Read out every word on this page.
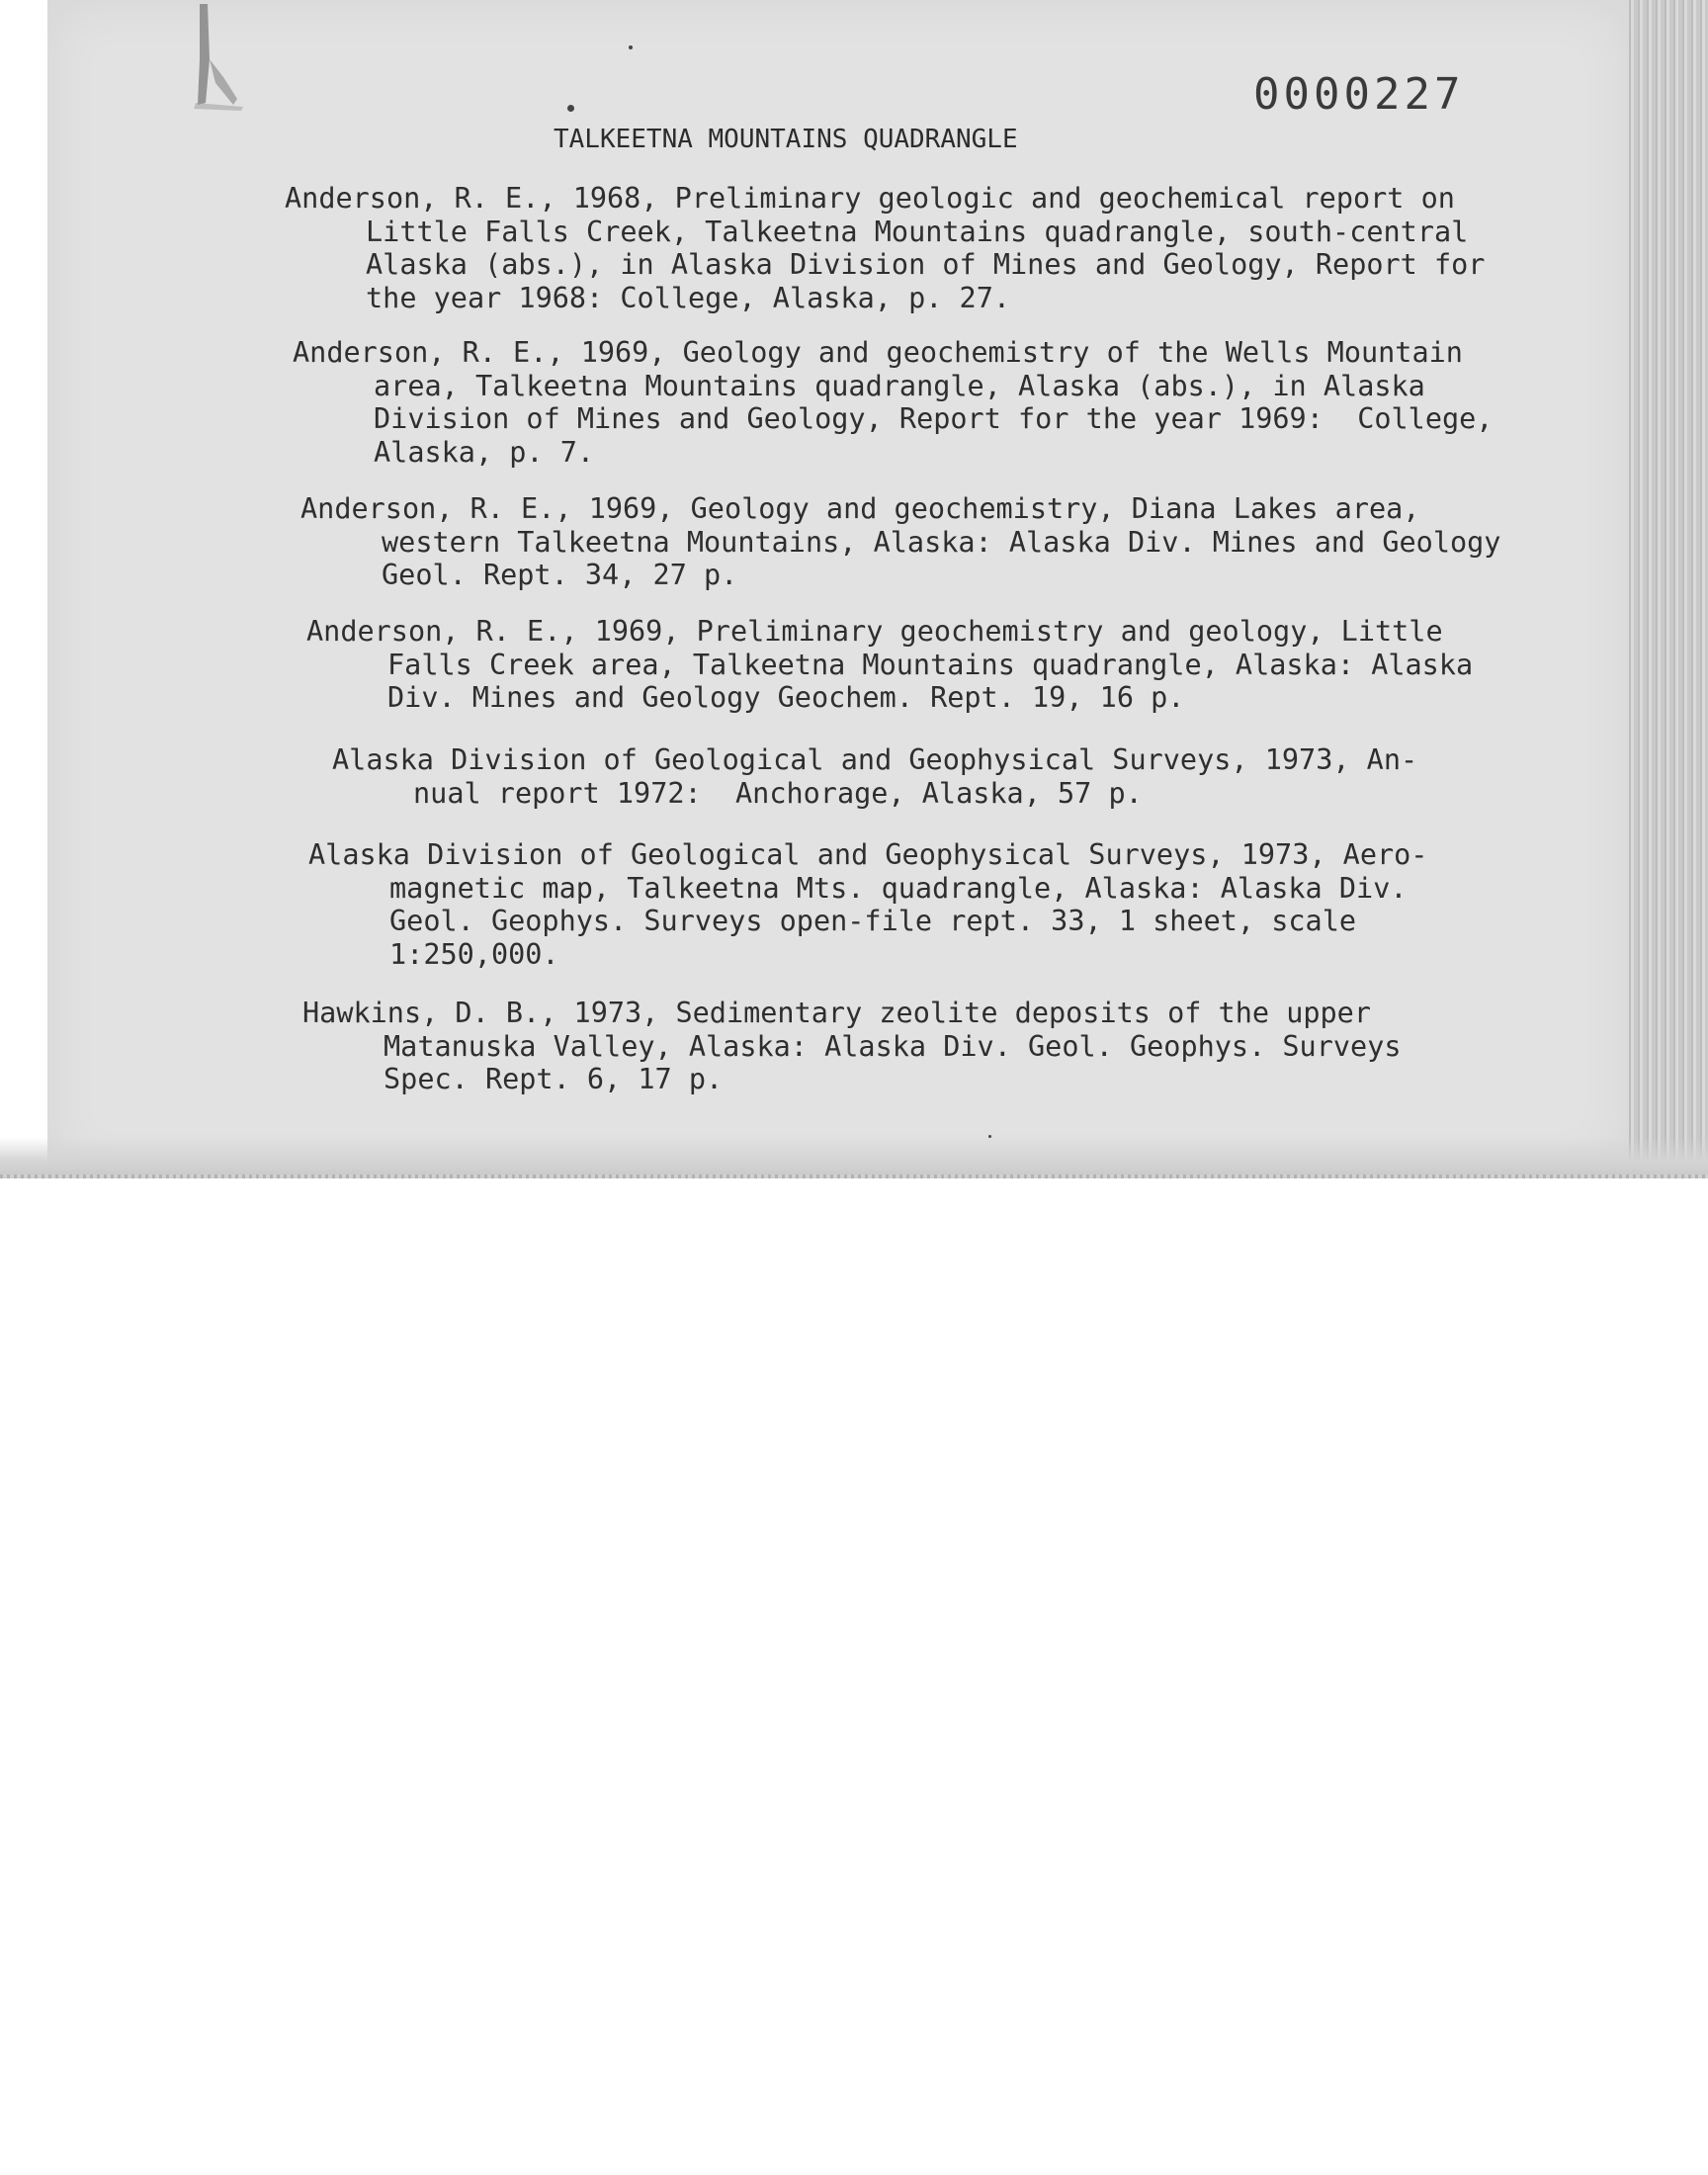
0000227
TALKEETNA MOUNTAINS QUADRANGLE
Anderson, R. E., 1968, Preliminary geologic and geochemical report on
Little Falls Creek, Talkeetna Mountains quadrangle, south-central
Alaska (abs.), in Alaska Division of Mines and Geology, Report for
the year 1968: College, Alaska, p. 27.
Anderson, R. E., 1969, Geology and geochemistry of the Wells Mountain
area, Talkeetna Mountains quadrangle, Alaska (abs.), in Alaska
Division of Mines and Geology, Report for the year 1969:  College,
Alaska, p. 7.
Anderson, R. E., 1969, Geology and geochemistry, Diana Lakes area,
western Talkeetna Mountains, Alaska: Alaska Div. Mines and Geology
Geol. Rept. 34, 27 p.
Anderson, R. E., 1969, Preliminary geochemistry and geology, Little
Falls Creek area, Talkeetna Mountains quadrangle, Alaska: Alaska
Div. Mines and Geology Geochem. Rept. 19, 16 p.
Alaska Division of Geological and Geophysical Surveys, 1973, An-
nual report 1972:  Anchorage, Alaska, 57 p.
Alaska Division of Geological and Geophysical Surveys, 1973, Aero-
magnetic map, Talkeetna Mts. quadrangle, Alaska: Alaska Div.
Geol. Geophys. Surveys open-file rept. 33, 1 sheet, scale
1:250,000.
Hawkins, D. B., 1973, Sedimentary zeolite deposits of the upper
Matanuska Valley, Alaska: Alaska Div. Geol. Geophys. Surveys
Spec. Rept. 6, 17 p.
